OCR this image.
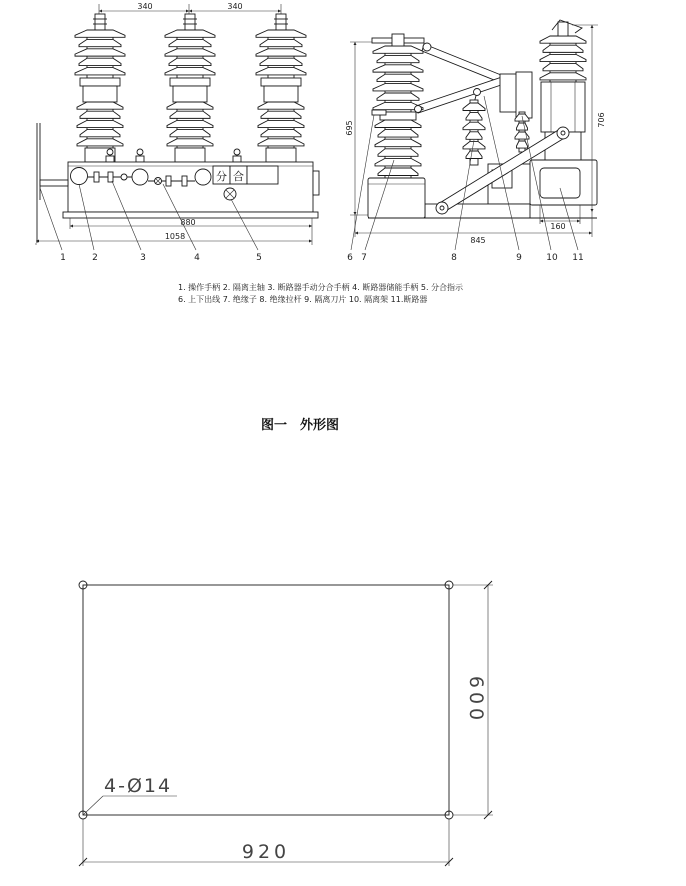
340	340
分 合
880
1058
1	2	3	4	5
695
706
845
160
6 7	8	9	10 11
1. 操作手柄 2. 隔离主轴 3. 断路器手动分合手柄 4. 断路器储能手柄 5. 分合指示
6. 上下出线 7. 绝缘子 8. 绝缘拉杆 9. 隔离刀片 10. 隔离架 11.断路器
图一　外形图
920
600
4-Ø14
